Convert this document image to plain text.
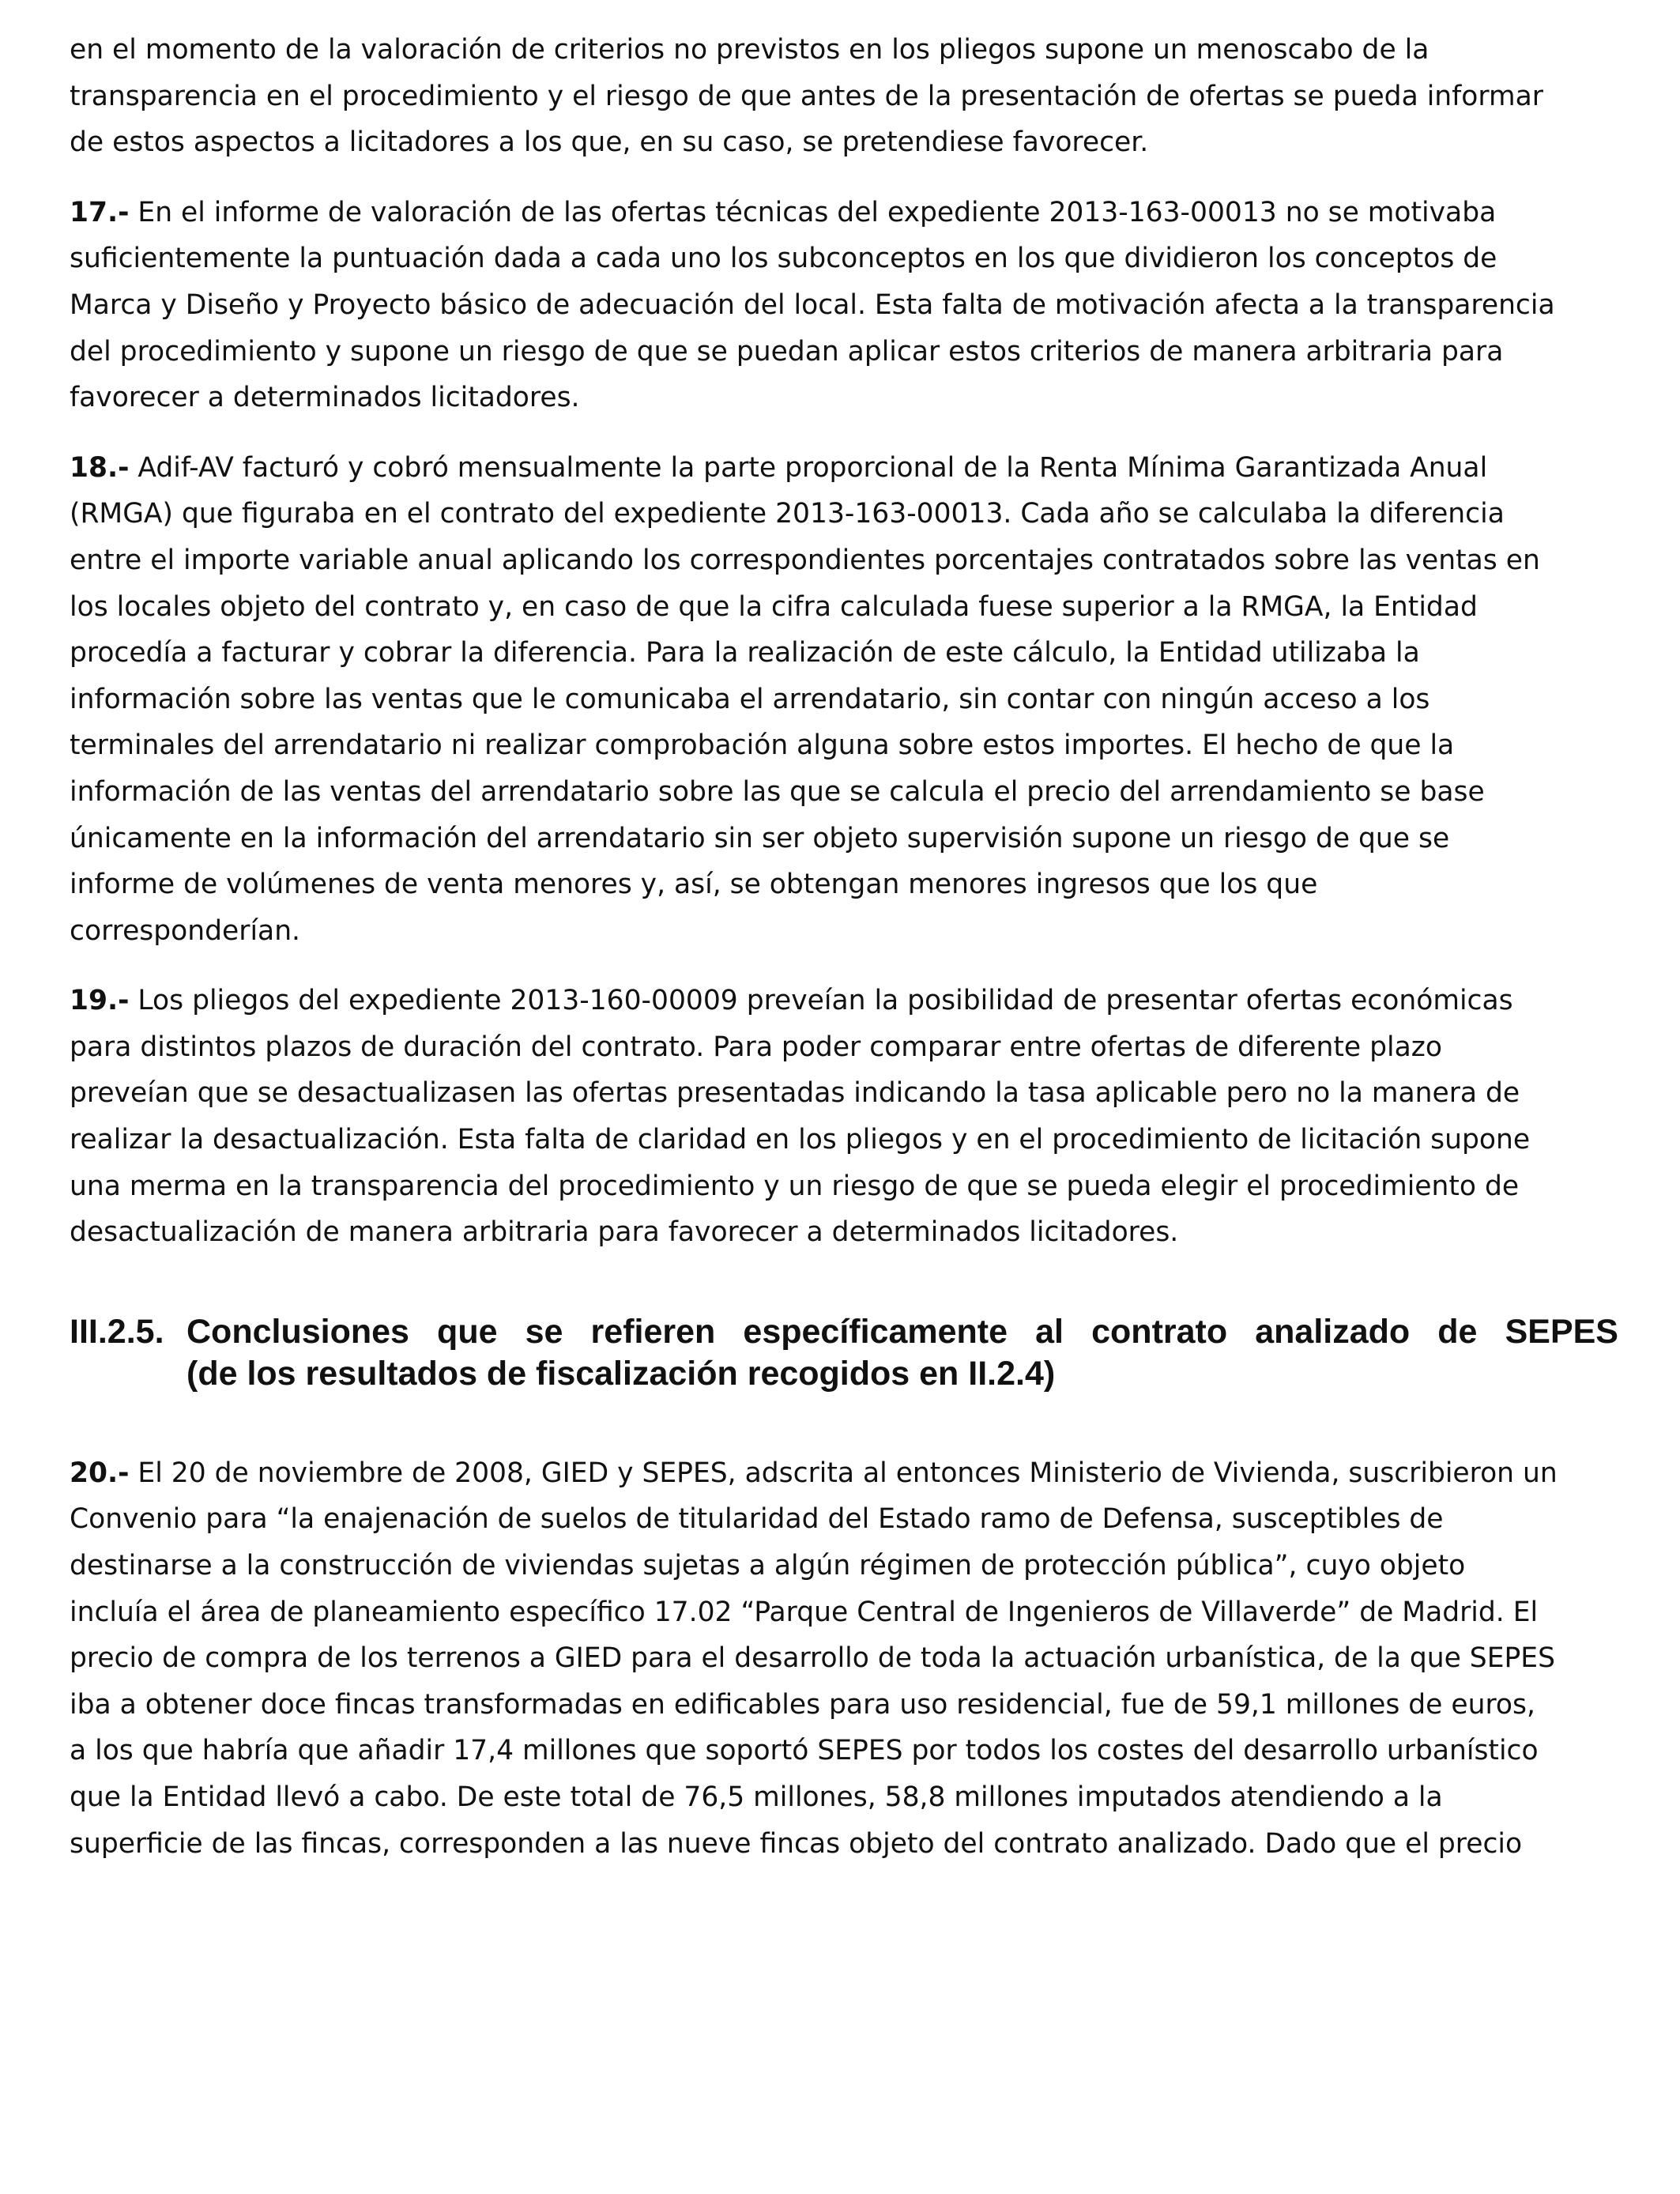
en el momento de la valoración de criterios no previstos en los pliegos supone un menoscabo de la
transparencia en el procedimiento y el riesgo de que antes de la presentación de ofertas se pueda informar
de estos aspectos a licitadores a los que, en su caso, se pretendiese favorecer.

17.- En el informe de valoración de las ofertas técnicas del expediente 2013-163-00013 no se motivaba
suficientemente la puntuación dada a cada uno los subconceptos en los que dividieron los conceptos de
Marca y Diseño y Proyecto básico de adecuación del local. Esta falta de motivación afecta a la transparencia
del procedimiento y supone un riesgo de que se puedan aplicar estos criterios de manera arbitraria para
favorecer a determinados licitadores.

18.- Adif-AV facturó y cobró mensualmente la parte proporcional de la Renta Mínima Garantizada Anual
(RMGA) que figuraba en el contrato del expediente 2013-163-00013. Cada año se calculaba la diferencia
entre el importe variable anual aplicando los correspondientes porcentajes contratados sobre las ventas en
los locales objeto del contrato y, en caso de que la cifra calculada fuese superior a la RMGA, la Entidad
procedía a facturar y cobrar la diferencia. Para la realización de este cálculo, la Entidad utilizaba la
información sobre las ventas que le comunicaba el arrendatario, sin contar con ningún acceso a los
terminales del arrendatario ni realizar comprobación alguna sobre estos importes. El hecho de que la
información de las ventas del arrendatario sobre las que se calcula el precio del arrendamiento se base
únicamente en la información del arrendatario sin ser objeto supervisión supone un riesgo de que se
informe de volúmenes de venta menores y, así, se obtengan menores ingresos que los que
corresponderían.

19.- Los pliegos del expediente 2013-160-00009 preveían la posibilidad de presentar ofertas económicas
para distintos plazos de duración del contrato. Para poder comparar entre ofertas de diferente plazo
preveían que se desactualizasen las ofertas presentadas indicando la tasa aplicable pero no la manera de
realizar la desactualización. Esta falta de claridad en los pliegos y en el procedimiento de licitación supone
una merma en la transparencia del procedimiento y un riesgo de que se pueda elegir el procedimiento de
desactualización de manera arbitraria para favorecer a determinados licitadores.

III.2.5. Conclusiones que se refieren específicamente al contrato analizado de SEPES
(de los resultados de fiscalización recogidos en II.2.4)

20.- El 20 de noviembre de 2008, GIED y SEPES, adscrita al entonces Ministerio de Vivienda, suscribieron un
Convenio para “la enajenación de suelos de titularidad del Estado ramo de Defensa, susceptibles de
destinarse a la construcción de viviendas sujetas a algún régimen de protección pública”, cuyo objeto
incluía el área de planeamiento específico 17.02 “Parque Central de Ingenieros de Villaverde” de Madrid. El
precio de compra de los terrenos a GIED para el desarrollo de toda la actuación urbanística, de la que SEPES
iba a obtener doce fincas transformadas en edificables para uso residencial, fue de 59,1 millones de euros,
a los que habría que añadir 17,4 millones que soportó SEPES por todos los costes del desarrollo urbanístico
que la Entidad llevó a cabo. De este total de 76,5 millones, 58,8 millones imputados atendiendo a la
superficie de las fincas, corresponden a las nueve fincas objeto del contrato analizado. Dado que el precio
